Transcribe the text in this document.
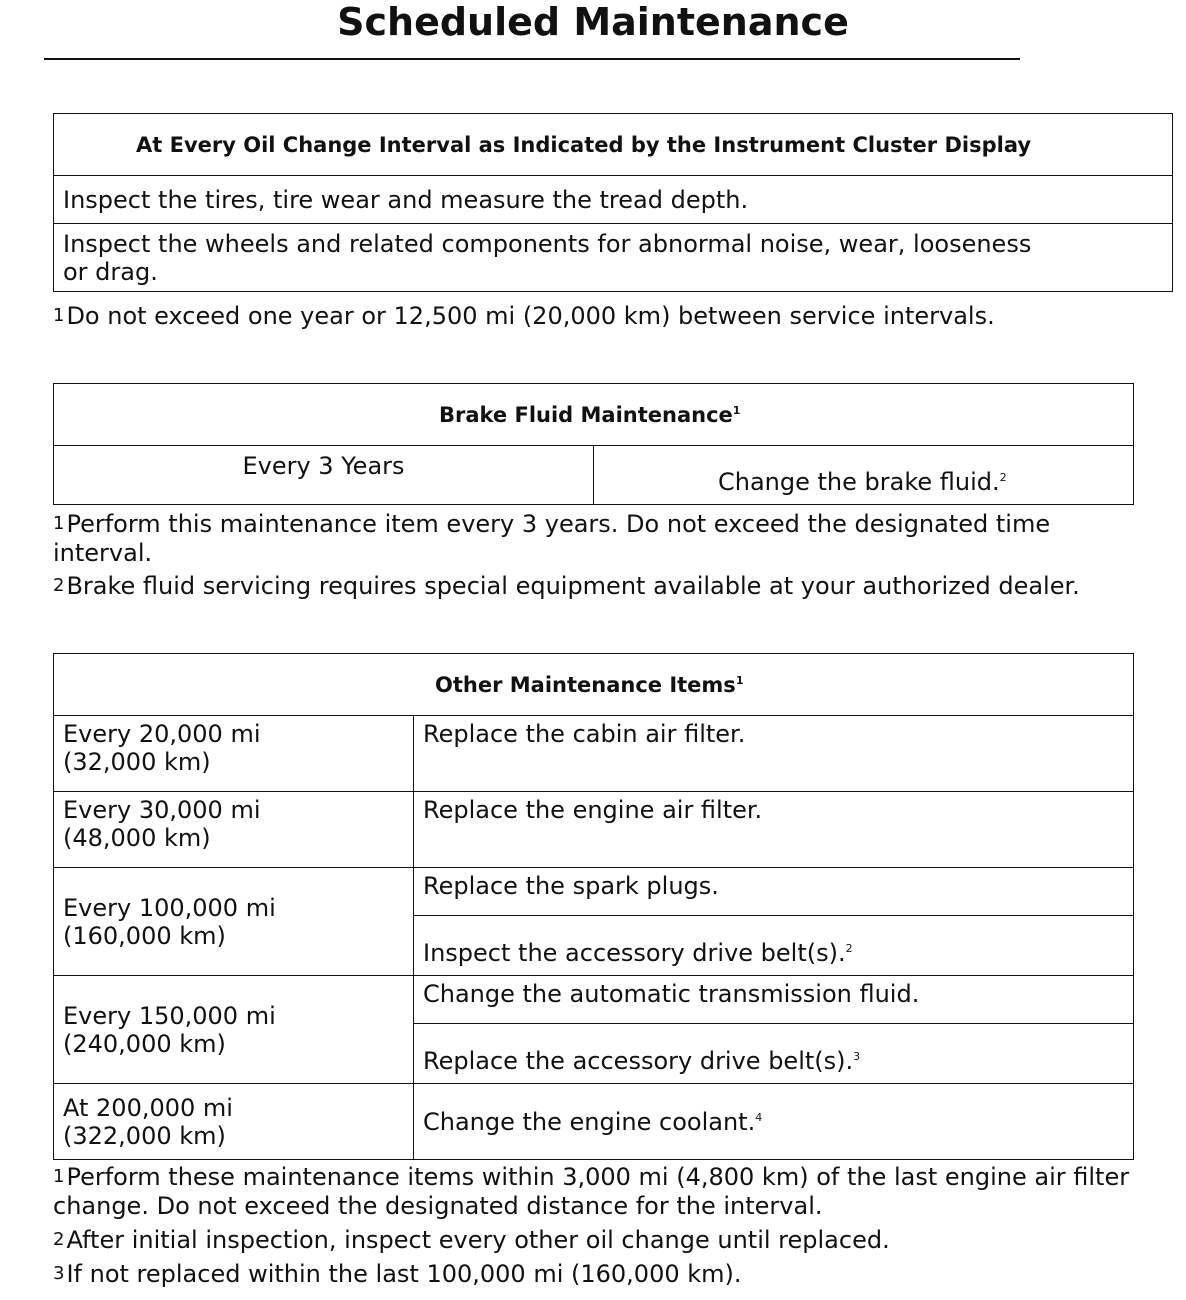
Scheduled Maintenance
At Every Oil Change Interval as Indicated by the Instrument Cluster Display
Inspect the tires, tire wear and measure the tread depth.

Inspect the wheels and related components for abnormal noise, wear, looseness or drag.
$^1$Do not exceed one year or 12,500 mi (20,000 km) between service intervals.
Brake Fluid Maintenance$^1$
Every 3 Years	Change the brake fluid.$^2$
$^1$Perform this maintenance item every 3 years. Do not exceed the designated time interval.
$^2$Brake fluid servicing requires special equipment available at your authorized dealer.
Other Maintenance Items$^1$
Every 20,000 mi (32,000 km)	Replace the cabin air filter.
Every 30,000 mi (48,000 km)	Replace the engine air filter.
Every 100,000 mi (160,000 km)	Replace the spark plugs.
	Inspect the accessory drive belt(s).$^2$
Every 150,000 mi (240,000 km)	Change the automatic transmission fluid.
	Replace the accessory drive belt(s).$^3$
At 200,000 mi (322,000 km)	Change the engine coolant.$^4$
$^1$Perform these maintenance items within 3,000 mi (4,800 km) of the last engine air filter change. Do not exceed the designated distance for the interval.
$^2$After initial inspection, inspect every other oil change until replaced.
$^3$If not replaced within the last 100,000 mi (160,000 km).
